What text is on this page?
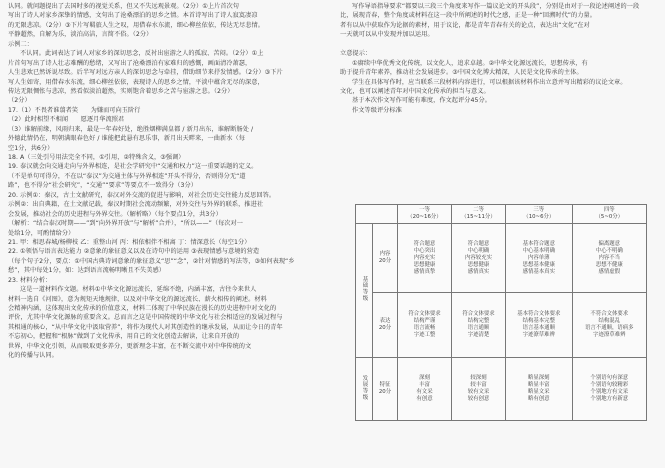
认同。就问题提出了去国时多的视觉关系，但又不失远观景观。（2分）①上片首次句
写出了诗人对家乡深挚的情感，文句出了沧桑漂泊的思乡之情。本首诗写出了诗人寂寞凄凉
的无限悲凉。（2分）③下片写羁旅人生之叹，用借春水东流，细心柳丝依依，传达无尽悲情。
平静超然，自解为乐，淡泊高洁，言简不俗。（2分）
示例二：
不认同。此词表达了词人对家乡的深切思念，反衬出宦游之人的孤寂、苦闷。（2分）①上
片首句写出了诗人壮志难酬的愁绪，又写出了沧桑漂泊有家难归的感慨，画面清冷萧瑟，
人生悲欢已然诉说尽致。后半写对远方亲人的深切思念与牵挂，借助细节来抒发情感。（2分）③下片
写人生如寄，用借春水东流，细心柳丝依依，表现诗人的思乡之情，平淡中蕴含无尽的深意，
传达无限惆怅与悲凉，然看似淡泊超然，实则饱含着思乡之苦与宦游之悲。（2分）
（2分）
17.（1）不畏者谁翦者笑　　为嫌而可向玉阶行
（2）此时相望不相闻　　愿逐月华流照君
（3）谁解前缘，风雨归来，最是一年春好处，绝胜烟柳满皇都 / 新月出东，谁解断肠处 /
外德此情仍在，明朝满眼春色好 / 谁能把此悬有思乐事，新月出天畔来，一曲新水（每
空1分，共6分）
18. A（三处引号用法完全不同，①引用，②特殊含义，③强调）
19. 泰汉就会向交通走向与外界相连，是社会学研究中“交通和权力”这一重要话题的定义。
（不是单句可得分，不在以“泰汉”为交通主体与外界相连”开头不得分，否则得分无“道
路”，也不得分“社会研究”，“交通”“要求”等要点不一致得分（3分）
20. 示例①：秦汉，古土文献研究，泰汉对外交流的促进与影响，对社会历史交往能力反思回答。
示例②：出自典籍，在土文献记载，秦汉时期社会流动频繁，对外交往与外界的联系，推进社
会发展，推动社会的历史进程与外界交往。（解析略）（每个要点1分，共3分）
（解析：“结合泰汉时期——”到“向外界开放”与“解析”合并），“所以——”（每次对一
处给1分，可酌情给分）
21. 甲：相思春城/杨柳枝 乙：重整山河 丙：相依相伴不相离 丁：情深意长（每空1分）
22. ①领悟与语言表达能力 ②意象的象征意义以及在诗句中的运用 ③表现情感与意境的营造
（每个句子2分，要点：①中国古典诗词意象的象征意义“思”“念”，②针对情感的写法等，③如何表现“乡
愁”，其中每处1分，如：达到语言流畅明晰且不失美感）
23. 材料分析：
这是一道材料作文题。材料①中华文化源远流长，延绵不绝，内涵丰富，古往今来世人
材料一选自《河图》，意为规矩天地规律，以及对中华文化的源远流长、薪火相传的阐述。材料
会精神内涵，这体现出文化传承的价值意义，材料二体现了中华民族在漫长的历史进程中对文化的
评价，尤其中华文化源脉的重要含义。总而言之这是中国传统的中华文化与社会相适应的发展过程与
其相通的核心，“从中华文化中汲取营养”，将作为现代人对其创造性的继承发展，从而让今日的青年
不忘初心，把握和“根脉”做到了文化传承，用自己的文化创造去解读，让来自开放的
世界，中华文化引领，从而吸取更多养分，更新理念丰富，在不断交流中对中华传统的文
化的传播与认同。
写作导语指导要求“都要以三段三个角度来写作一篇议论文的开头段”，分别是由对于一段论述阐述的一段
比，展现青春，整个角度或材料在这一段中所阐述的时代之感，正是一种“回溯时代”的力量。
者有以从中获取作为论据的素材，用于议论，都是青年青春有关的论点，表达出“文化”在对
一天就可以从中发现并加以运用。
立意提示：
①赓续中华优秀文化传统，以文化人，追求卓越。②中华文化源远流长，思想传承，有
助于提升青年素养，推动社会发展进步。③中国文化博大精深，人民是文化传承的主体。
学生在具体写作时，应当联系三段材料内容进行，可以根据该材料作出立意并写出精彩的议论文章。
文化，也可以阐述青年对中国文化传承的担当与意义。
基于本次作文写作可能有难度，作文起评分45分。
作文等级评分标准
		一等
（20~16分）	二等
（15~11分）	三等
（10~6分）	四等
（5~0分）
基础等级	内容
20分	符合题意
中心突出
内容充实
思想健康
感情真挚	符合题意
中心明确
内容较充实
思想健康
感情真实	基本符合题意
中心基本明确
内容单薄
思想基本健康
感情基本真实	偏离题意
中心不明确
内容不当
思想不健康
感情虚假

	表达
20分	符合文体要求
结构严谨
语言流畅
字迹工整	符合文体要求
结构完整
语言通顺
字迹清楚	基本符合文体要求
结构基本完整
语言基本通顺
字迹潦草难辨	不符合文体要求
结构混乱
语言不通顺，语病多
字迹潦草难辨

发展等级	特征
20分	深刻
丰富
有文采
有创意	较深刻
较丰富
较有文采
较有创意	略显深刻
略显丰富
略显文采
略有创意	个别语句有深意
个别语句较精彩
个别地方有文采
个别地方有新意
